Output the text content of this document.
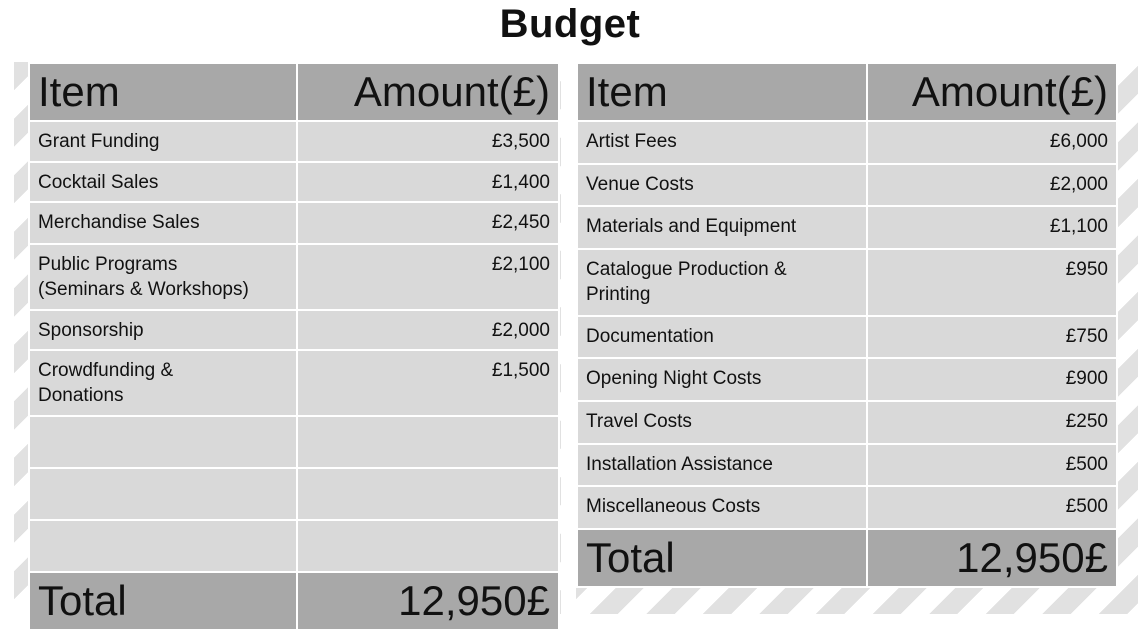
Budget
Item	Amount(£)
Grant Funding	£3,500
Cocktail Sales	£1,400
Merchandise Sales	£2,450
Public Programs
(Seminars & Workshops)	£2,100
Sponsorship	£2,000
Crowdfunding &
Donations	£1,500

Total	12,950£
Item	Amount(£)
Artist Fees	£6,000
Venue Costs	£2,000
Materials and Equipment	£1,100
Catalogue Production &
Printing	£950
Documentation	£750
Opening Night Costs	£900
Travel Costs	£250
Installation Assistance	£500
Miscellaneous Costs	£500
Total	12,950£
